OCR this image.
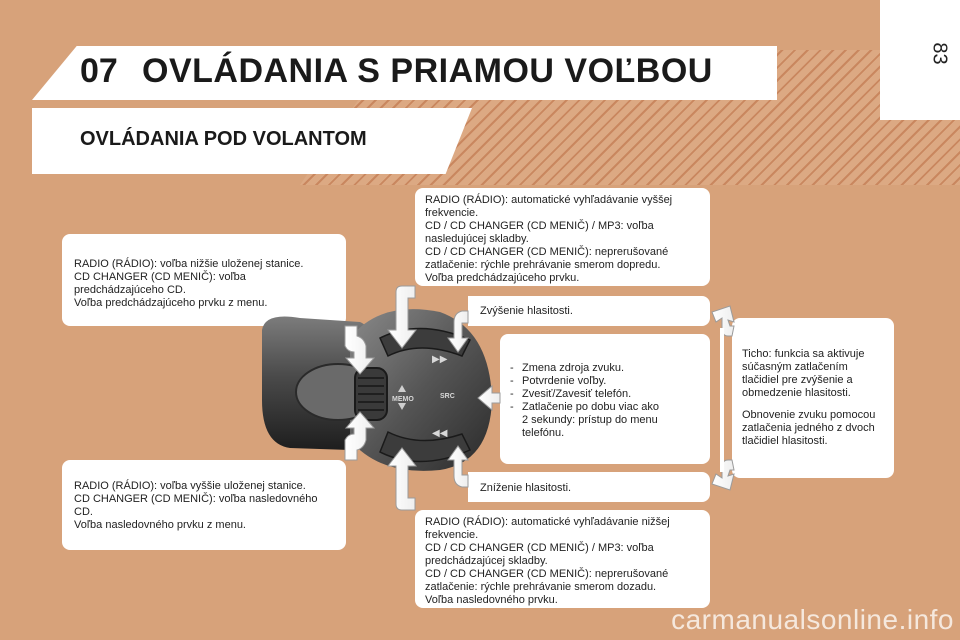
83
07 OVLÁDANIA S PRIAMOU VOĽBOU
OVLÁDANIA POD VOLANTOM
RADIO (RÁDIO): voľba nižšie uloženej stanice.
CD CHANGER (CD MENIČ): voľba
predchádzajúceho CD.
Voľba predchádzajúceho prvku z menu.
RADIO (RÁDIO): voľba vyššie uloženej stanice.
CD CHANGER (CD MENIČ): voľba nasledovného
CD.
Voľba nasledovného prvku z menu.
RADIO (RÁDIO): automatické vyhľadávanie vyššej
frekvencie.
CD / CD CHANGER (CD MENIČ) / MP3: voľba
nasledujúcej skladby.
CD / CD CHANGER (CD MENIČ): neprerušované
zatlačenie: rýchle prehrávanie smerom dopredu.
Voľba predchádzajúceho prvku.
Zvýšenie hlasitosti.
- Zmena zdroja zvuku.
- Potvrdenie voľby.
- Zvesiť/Zavesiť telefón.
- Zatlačenie po dobu viac ako
2 sekundy: prístup do menu
telefónu.
Zníženie hlasitosti.
RADIO (RÁDIO): automatické vyhľadávanie nižšej
frekvencie.
CD / CD CHANGER (CD MENIČ) / MP3: voľba
predchádzajúcej skladby.
CD / CD CHANGER (CD MENIČ): neprerušované
zatlačenie: rýchle prehrávanie smerom dozadu.
Voľba nasledovného prvku.
Ticho: funkcia sa aktivuje
súčasným zatlačením
tlačidiel pre zvýšenie a
obmedzenie hlasitosti.
Obnovenie zvuku pomocou
zatlačenia jedného z dvoch
tlačidiel hlasitosti.
MEMO
▶▶
◀◀
SRC
carmanualsonline.info
